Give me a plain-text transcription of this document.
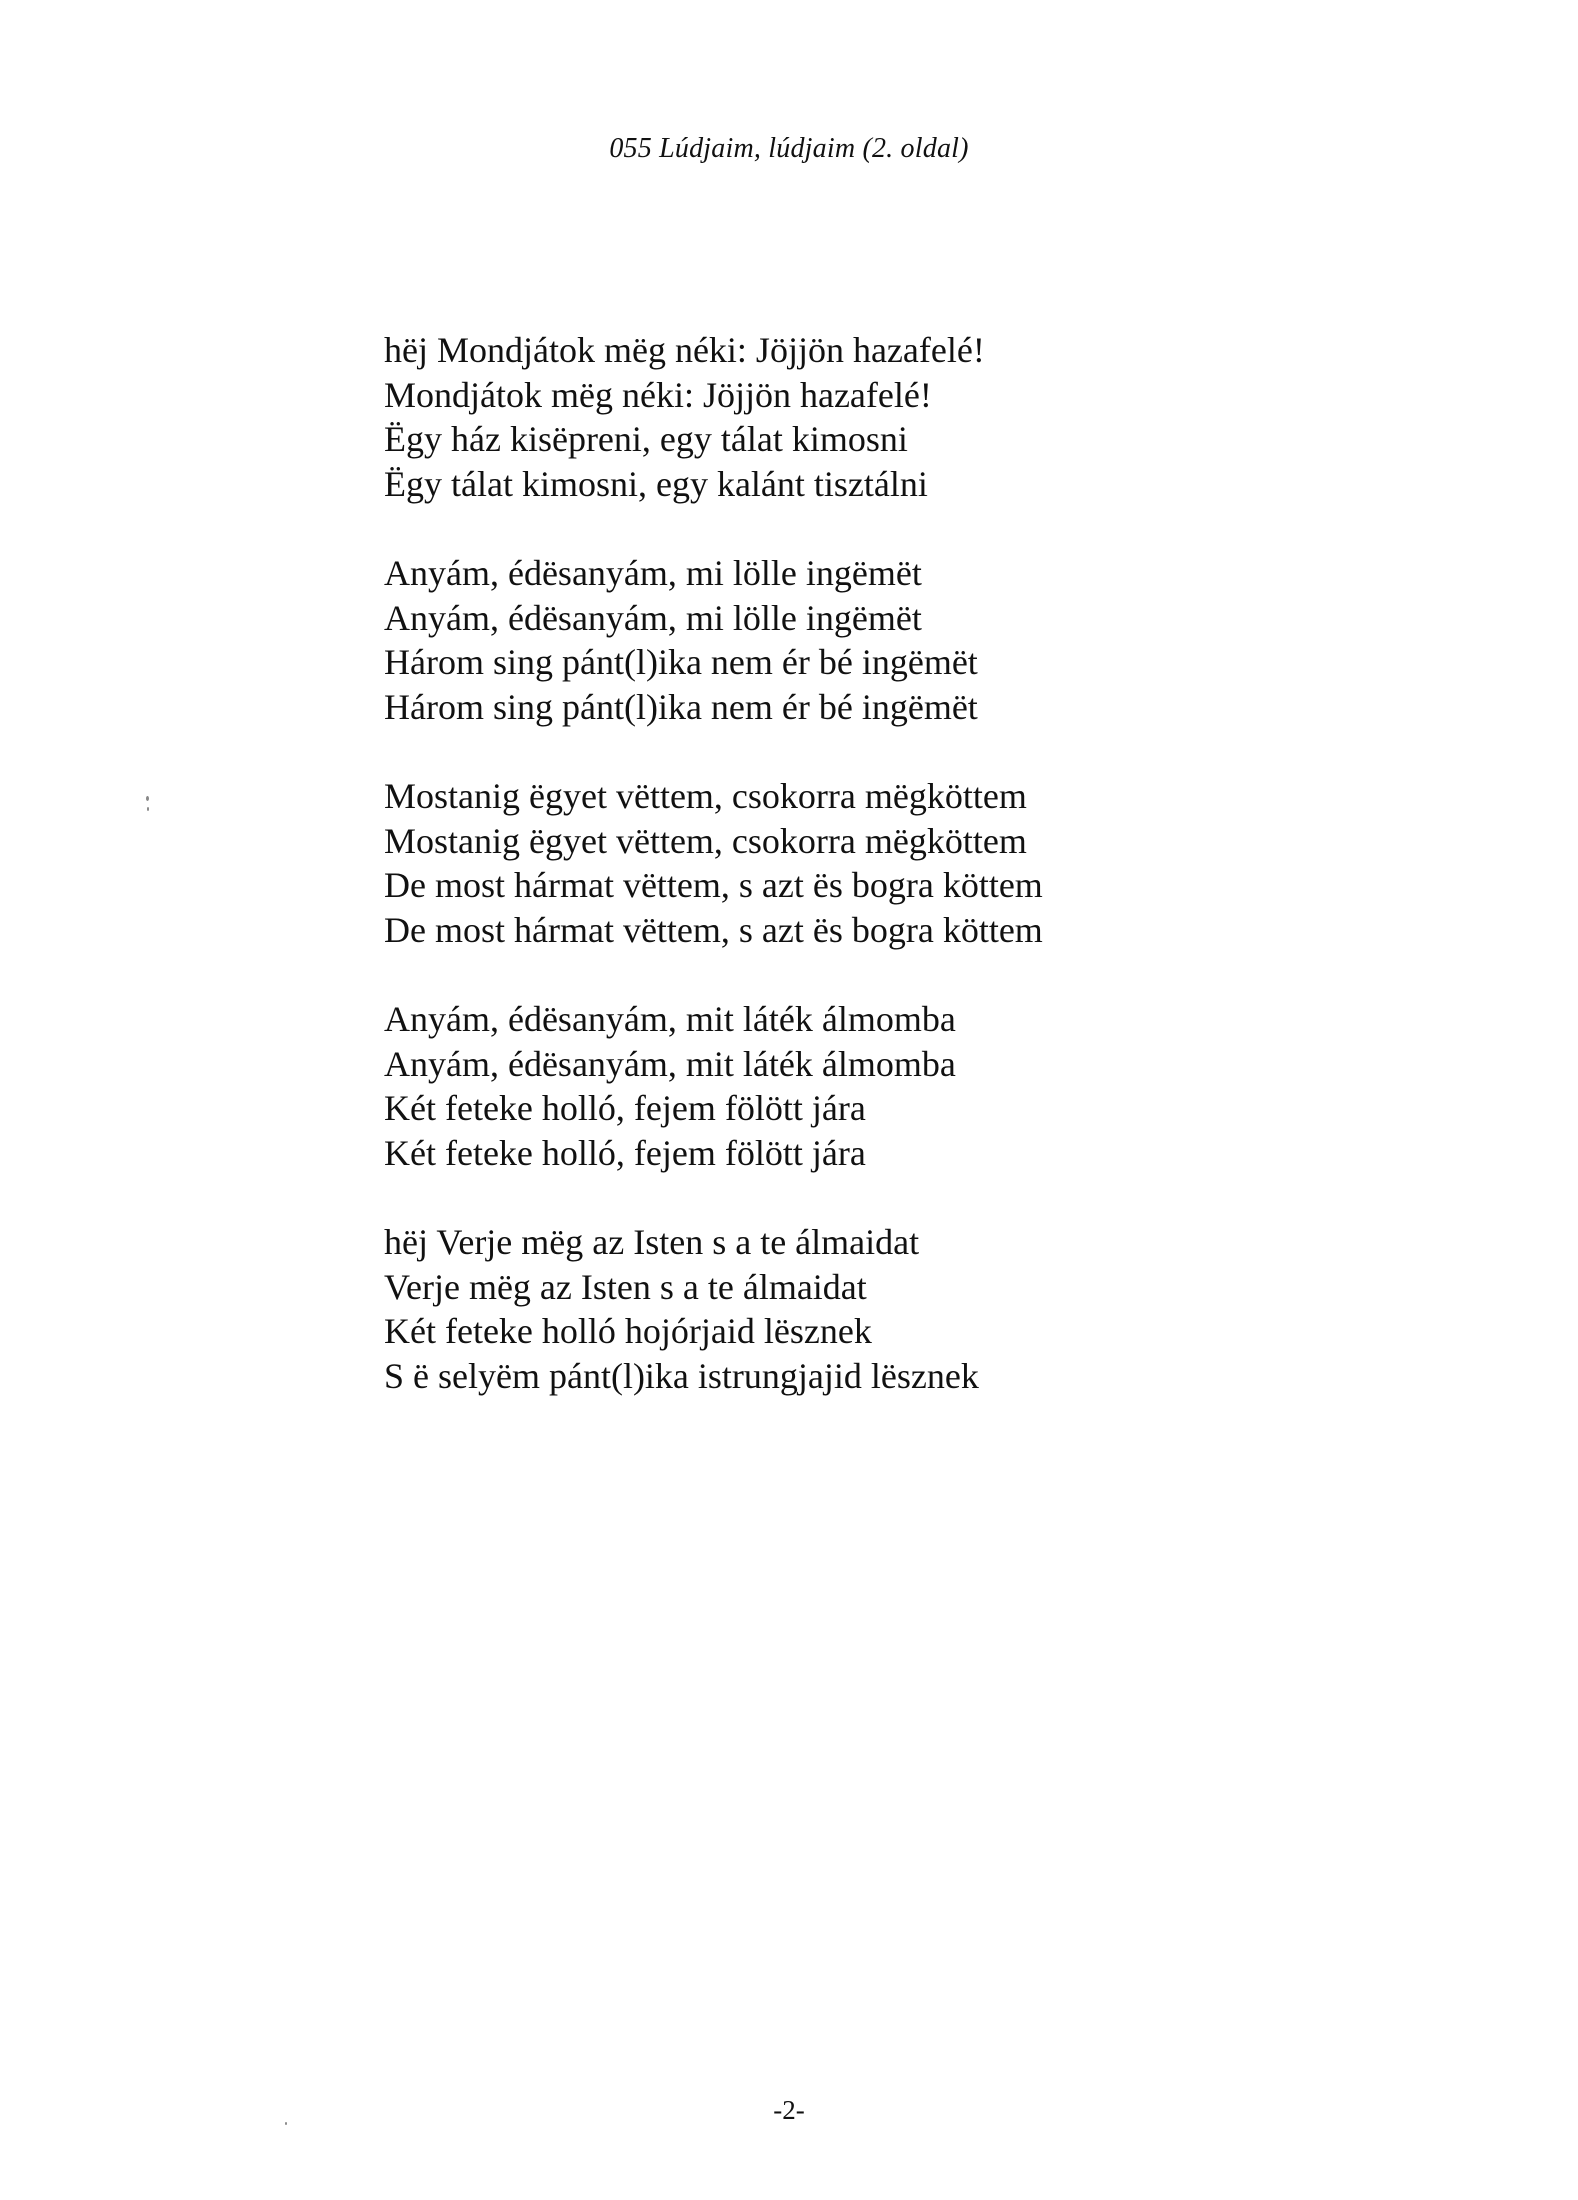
055 Lúdjaim, lúdjaim (2. oldal)
hëj Mondjátok mëg néki: Jöjjön hazafelé!
Mondjátok mëg néki: Jöjjön hazafelé!
Ëgy ház kisëpreni, egy tálat kimosni
Ëgy tálat kimosni, egy kalánt tisztálni
Anyám, édësanyám, mi lölle ingëmët
Anyám, édësanyám, mi lölle ingëmët
Három sing pánt(l)ika nem ér bé ingëmët
Három sing pánt(l)ika nem ér bé ingëmët
Mostanig ëgyet vëttem, csokorra mëgköttem
Mostanig ëgyet vëttem, csokorra mëgköttem
De most hármat vëttem, s azt ës bogra köttem
De most hármat vëttem, s azt ës bogra köttem
Anyám, édësanyám, mit láték álmomba
Anyám, édësanyám, mit láték álmomba
Két feteke holló, fejem fölött jára
Két feteke holló, fejem fölött jára
hëj Verje mëg az Isten s a te álmaidat
Verje mëg az Isten s a te álmaidat
Két feteke holló hojórjaid lësznek
S ë selyëm pánt(l)ika istrungjajid lësznek
-2-
